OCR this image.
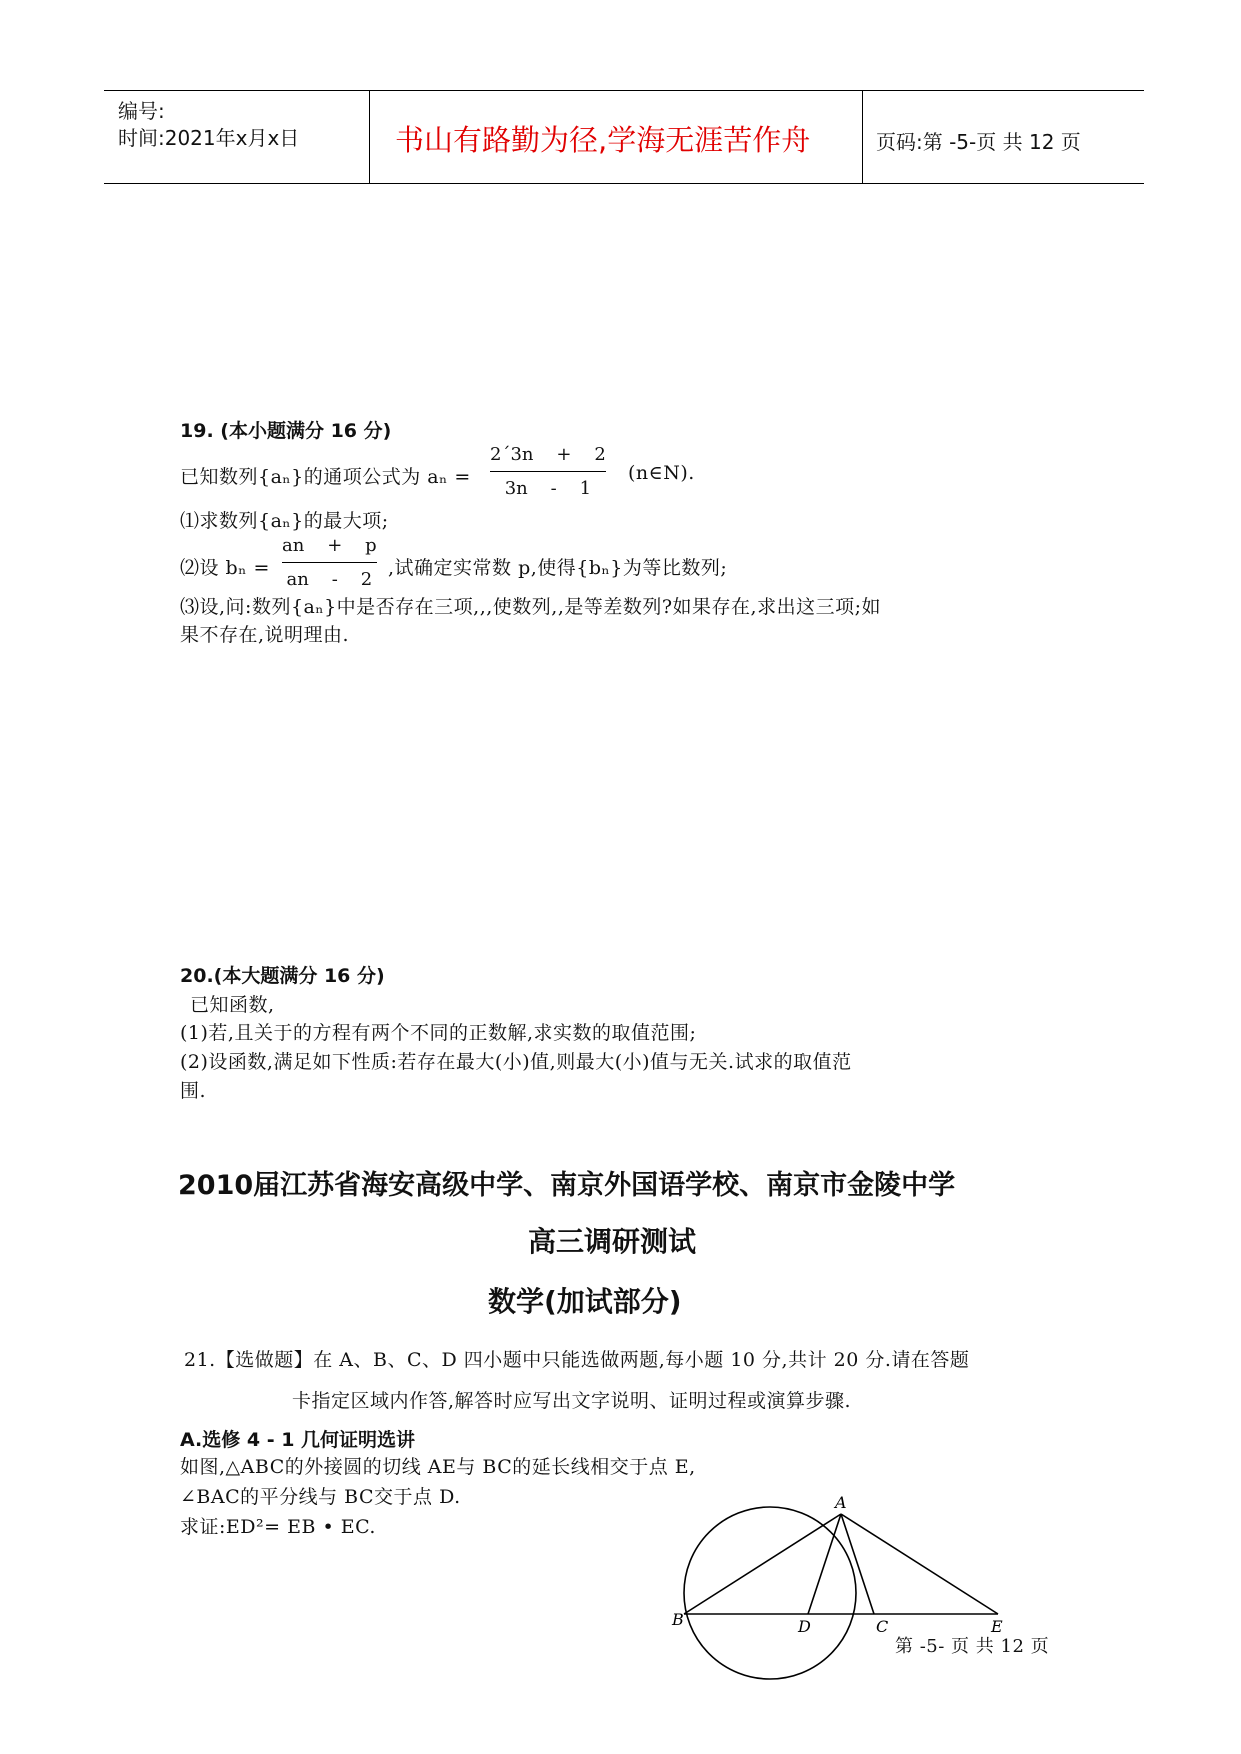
编号:
时间:2021年x月x日	书山有路勤为径,学海无涯苦作舟	页码:第 -5-页 共 12 页
19. (本小题满分 16 分)
已知数列{aₙ}的通项公式为 aₙ =
2´3n    +    2
3n    -    1
(n∈N).
⑴求数列{aₙ}的最大项;
⑵设 bₙ =
an    +    p
an    -    2
,试确定实常数 p,使得{bₙ}为等比数列;
⑶设,问:数列{aₙ}中是否存在三项,,,使数列,,是等差数列?如果存在,求出这三项;如
果不存在,说明理由.
20.(本大题满分 16 分)
已知函数,
(1)若,且关于的方程有两个不同的正数解,求实数的取值范围;
(2)设函数,满足如下性质:若存在最大(小)值,则最大(小)值与无关.试求的取值范
围.
2010届江苏省海安高级中学、南京外国语学校、南京市金陵中学
高三调研测试
数学(加试部分)
21.【选做题】在 A、B、C、D 四小题中只能选做两题,每小题 10 分,共计 20 分.请在答题
卡指定区域内作答,解答时应写出文字说明、证明过程或演算步骤.
A.选修 4 - 1 几何证明选讲
如图,△ABC的外接圆的切线 AE与 BC的延长线相交于点 E,
∠BAC的平分线与 BC交于点 D.
求证:ED²= EB • EC.
A
B	D	C	E
第 -5- 页 共 12 页
